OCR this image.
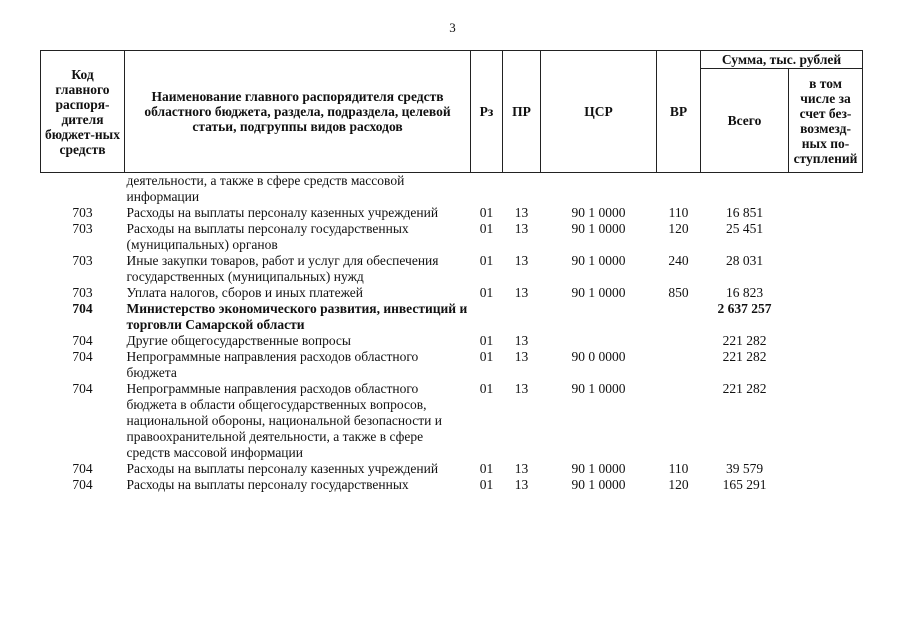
3
Код главного распоря-дителя бюджет-ных средств	Наименование главного распорядителя средств областного бюджета, раздела, подраздела, целевой статьи, подгруппы видов расходов	Рз	ПР	ЦСР	ВР	Сумма, тыс. рублей	
						Всего	в том числе за счет без-возмезд-ных по-ступлений
	деятельности, а также в сфере средств массовой информации						
703	Расходы на выплаты персоналу казенных учреждений	01	13	90 1 0000	110	16 851	
703	Расходы на выплаты персоналу государственных (муниципальных) органов	01	13	90 1 0000	120	25 451	
703	Иные закупки товаров, работ и услуг для обеспечения государственных (муниципальных) нужд	01	13	90 1 0000	240	28 031	
703	Уплата налогов, сборов и иных платежей	01	13	90 1 0000	850	16 823	
704	Министерство экономического развития, инвестиций и торговли Самарской области					2 637 257	
704	Другие общегосударственные вопросы	01	13			221 282	
704	Непрограммные направления расходов областного бюджета	01	13	90 0 0000		221 282	
704	Непрограммные направления расходов областного бюджета в области общегосударственных вопросов, национальной обороны, национальной безопасности и правоохранительной деятельности, а также в сфере средств массовой информации	01	13	90 1 0000		221 282	
704	Расходы на выплаты персоналу казенных учреждений	01	13	90 1 0000	110	39 579	
704	Расходы на выплаты персоналу государственных	01	13	90 1 0000	120	165 291	
